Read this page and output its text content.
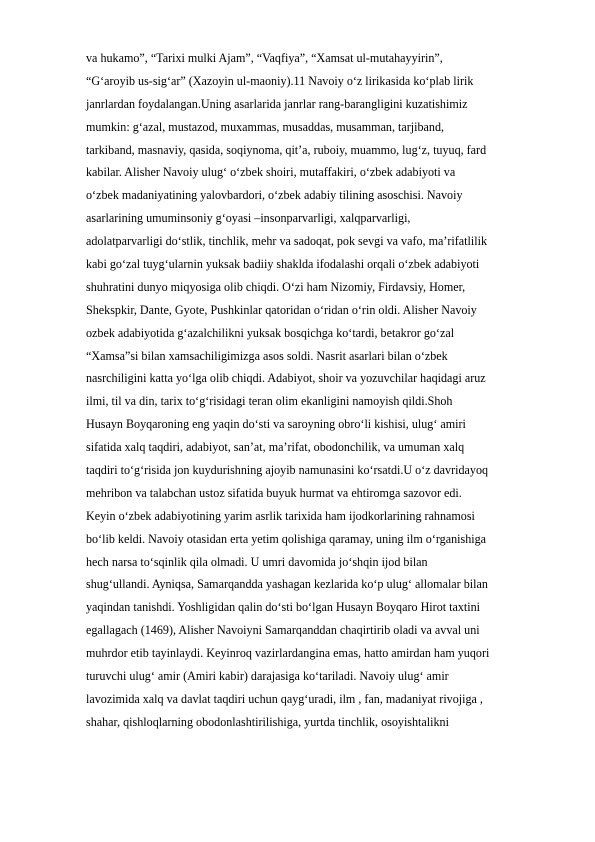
va hukamo”, “Tarixi mulki Ajam”, “Vaqfiya”, “Xamsat ul-mutahayyirin”,
“G‘aroyib us-sig‘ar” (Xazoyin ul-maoniy).11 Navoiy o‘z lirikasida ko‘plab lirik
janrlardan foydalangan.Uning asarlarida janrlar rang-barangligini kuzatishimiz
mumkin: g‘azal, mustazod, muxammas, musaddas, musamman, tarjiband,
tarkiband, masnaviy, qasida, soqiynoma, qit’a, ruboiy, muammo, lug‘z, tuyuq, fard
kabilar. Alisher Navoiy ulug‘ o‘zbek shoiri, mutaffakiri, o‘zbek adabiyoti va
o‘zbek madaniyatining yalovbardori, o‘zbek adabiy tilining asoschisi. Navoiy
asarlarining umuminsoniy g‘oyasi –insonparvarligi, xalqparvarligi,
adolatparvarligi do‘stlik, tinchlik, mehr va sadoqat, pok sevgi va vafo, ma’rifatlilik
kabi go‘zal tuyg‘ularnin yuksak badiiy shaklda ifodalashi orqali o‘zbek adabiyoti
shuhratini dunyo miqyosiga olib chiqdi. O‘zi ham Nizomiy, Firdavsiy, Homer,
Shekspkir, Dante, Gyote, Pushkinlar qatoridan o‘ridan o‘rin oldi. Alisher Navoiy
ozbek adabiyotida g‘azalchilikni yuksak bosqichga ko‘tardi, betakror go‘zal
“Xamsa”si bilan xamsachiligimizga asos soldi. Nasrit asarlari bilan o‘zbek
nasrchiligini katta yo‘lga olib chiqdi. Adabiyot, shoir va yozuvchilar haqidagi aruz
ilmi, til va din, tarix to‘g‘risidagi teran olim ekanligini namoyish qildi.Shoh
Husayn Boyqaroning eng yaqin do‘sti va saroyning obro‘li kishisi, ulug‘ amiri
sifatida xalq taqdiri, adabiyot, san’at, ma’rifat, obodonchilik, va umuman xalq
taqdiri to‘g‘risida jon kuydurishning ajoyib namunasini ko‘rsatdi.U o‘z davridayoq
mehribon va talabchan ustoz sifatida buyuk hurmat va ehtiromga sazovor edi.
Keyin o‘zbek adabiyotining yarim asrlik tarixida ham ijodkorlarining rahnamosi
bo‘lib keldi. Navoiy otasidan erta yetim qolishiga qaramay, uning ilm o‘rganishiga
hech narsa to‘sqinlik qila olmadi. U umri davomida jo‘shqin ijod bilan
shug‘ullandi. Ayniqsa, Samarqandda yashagan kezlarida ko‘p ulug‘ allomalar bilan
yaqindan tanishdi. Yoshligidan qalin do‘sti bo‘lgan Husayn Boyqaro Hirot taxtini
egallagach (1469), Alisher Navoiyni Samarqanddan chaqirtirib oladi va avval uni
muhrdor etib tayinlaydi. Keyinroq vazirlardangina emas, hatto amirdan ham yuqori
turuvchi ulug‘ amir (Amiri kabir) darajasiga ko‘tariladi. Navoiy ulug‘ amir
lavozimida xalq va davlat taqdiri uchun qayg‘uradi, ilm , fan, madaniyat rivojiga ,
shahar, qishloqlarning obodonlashtirilishiga, yurtda tinchlik, osoyishtalikni
